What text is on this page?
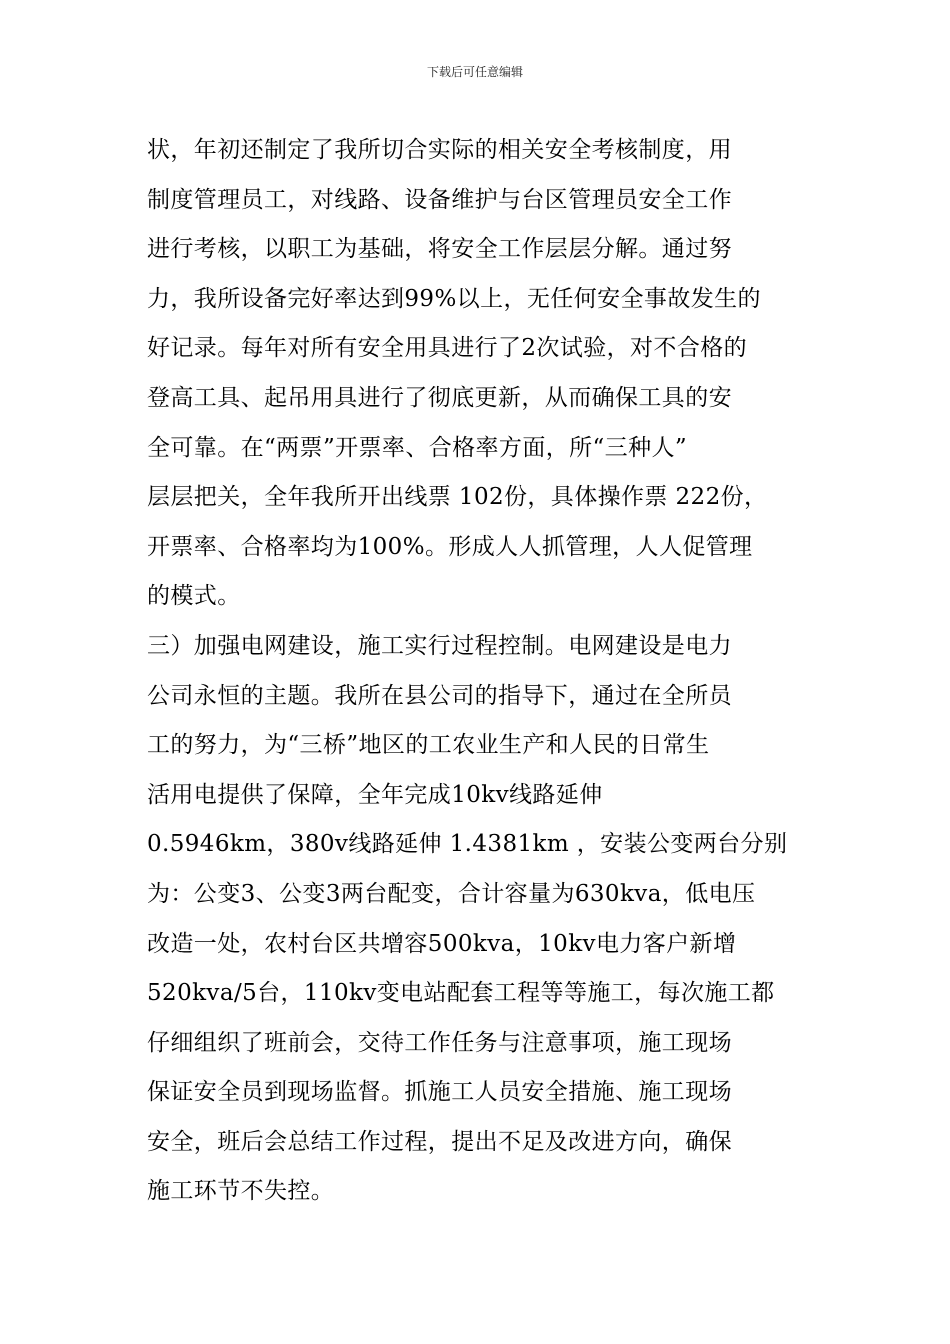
下载后可任意编辑
状，年初还制定了我所切合实际的相关安全考核制度，用
制度管理员工，对线路、设备维护与台区管理员安全工作
进行考核，以职工为基础，将安全工作层层分解。通过努
力，我所设备完好率达到99%以上，无任何安全事故发生的
好记录。每年对所有安全用具进行了2次试验，对不合格的
登高工具、起吊用具进行了彻底更新，从而确保工具的安
全可靠。在“两票”开票率、合格率方面，所“三种人”
层层把关，全年我所开出线票 102份，具体操作票 222份，
开票率、合格率均为100%。形成人人抓管理，人人促管理
的模式。
三）加强电网建设，施工实行过程控制。电网建设是电力
公司永恒的主题。我所在县公司的指导下，通过在全所员
工的努力，为“三桥”地区的工农业生产和人民的日常生
活用电提供了保障，全年完成10kv线路延伸
0.5946km，380v线路延伸 1.4381km ，安装公变两台分别
为：公变3、公变3两台配变，合计容量为630kva，低电压
改造一处，农村台区共增容500kva，10kv电力客户新增
520kva/5台，110kv变电站配套工程等等施工，每次施工都
仔细组织了班前会，交待工作任务与注意事项，施工现场
保证安全员到现场监督。抓施工人员安全措施、施工现场
安全，班后会总结工作过程，提出不足及改进方向，确保
施工环节不失控。
